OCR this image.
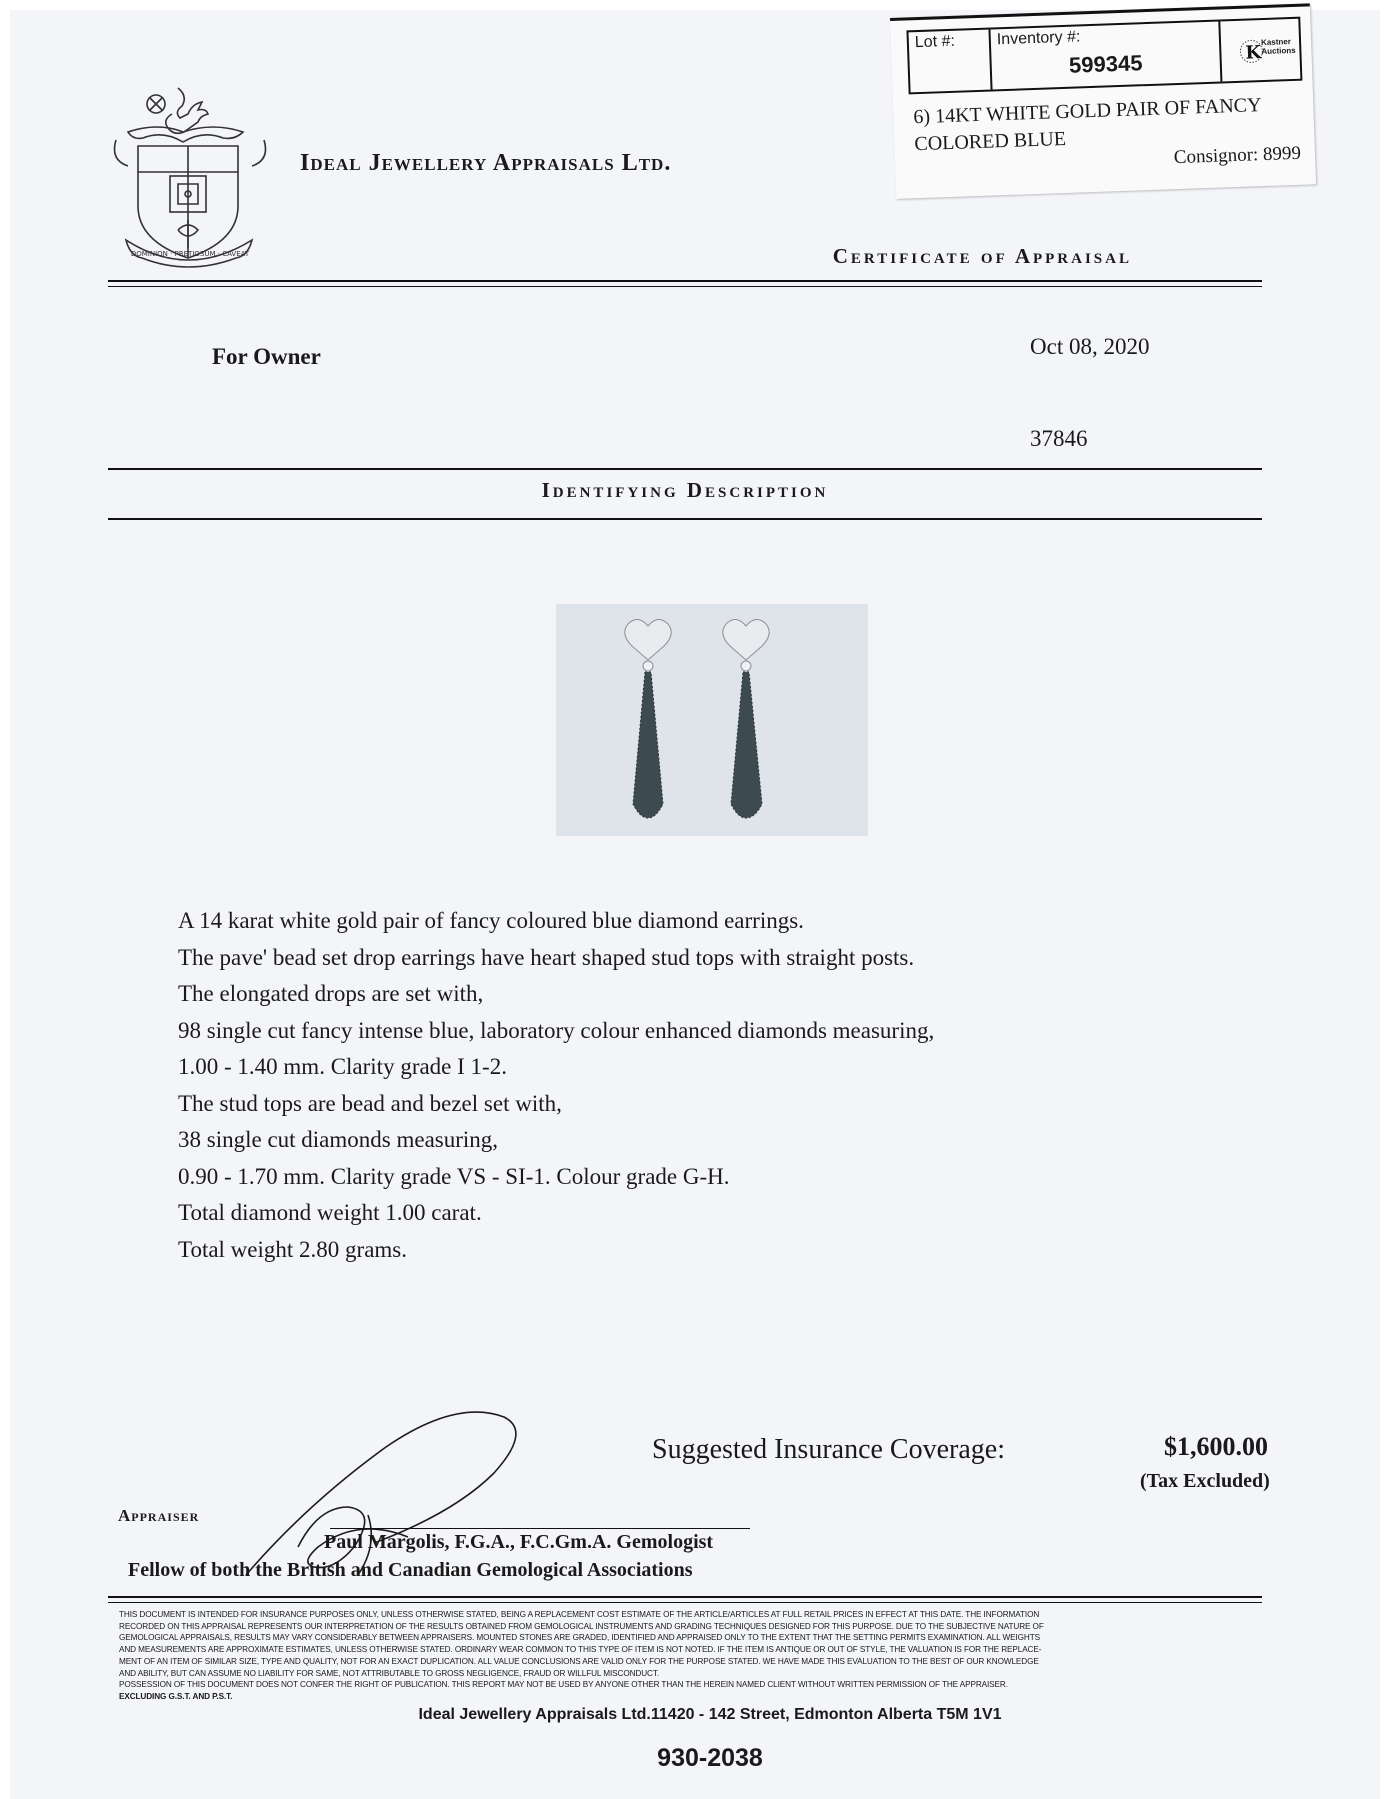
DOMINION · PRETIOSUM · CAVEAT
Ideal Jewellery Appraisals Ltd.
Lot #:	Inventory #:
599345	K
Kastner Auctions
6) 14KT WHITE GOLD PAIR OF FANCY
COLORED BLUE
Consignor: 8999
Certificate of Appraisal
For Owner	Oct 08, 2020
37846
Identifying Description
A 14 karat white gold pair of fancy coloured blue diamond earrings.
The pave' bead set drop earrings have heart shaped stud tops with straight posts.
The elongated drops are set with,
98 single cut fancy intense blue, laboratory colour enhanced diamonds measuring,
1.00 - 1.40 mm. Clarity grade I 1-2.
The stud tops are bead and bezel set with,
38 single cut diamonds measuring,
0.90 - 1.70 mm. Clarity grade VS - SI-1. Colour grade G-H.
Total diamond weight 1.00 carat.
Total weight 2.80 grams.
Suggested Insurance Coverage:	$1,600.00
(Tax Excluded)
Appraiser
Paul Margolis, F.G.A., F.C.Gm.A. Gemologist
Fellow of both the British and Canadian Gemological Associations
THIS DOCUMENT IS INTENDED FOR INSURANCE PURPOSES ONLY, UNLESS OTHERWISE STATED, BEING A REPLACEMENT COST ESTIMATE OF THE ARTICLE/ARTICLES AT FULL RETAIL PRICES IN EFFECT AT THIS DATE. THE INFORMATION
RECORDED ON THIS APPRAISAL REPRESENTS OUR INTERPRETATION OF THE RESULTS OBTAINED FROM GEMOLOGICAL INSTRUMENTS AND GRADING TECHNIQUES DESIGNED FOR THIS PURPOSE. DUE TO THE SUBJECTIVE NATURE OF
GEMOLOGICAL APPRAISALS, RESULTS MAY VARY CONSIDERABLY BETWEEN APPRAISERS. MOUNTED STONES ARE GRADED, IDENTIFIED AND APPRAISED ONLY TO THE EXTENT THAT THE SETTING PERMITS EXAMINATION. ALL WEIGHTS
AND MEASUREMENTS ARE APPROXIMATE ESTIMATES, UNLESS OTHERWISE STATED. ORDINARY WEAR COMMON TO THIS TYPE OF ITEM IS NOT NOTED. IF THE ITEM IS ANTIQUE OR OUT OF STYLE, THE VALUATION IS FOR THE REPLACE-
MENT OF AN ITEM OF SIMILAR SIZE, TYPE AND QUALITY, NOT FOR AN EXACT DUPLICATION. ALL VALUE CONCLUSIONS ARE VALID ONLY FOR THE PURPOSE STATED. WE HAVE MADE THIS EVALUATION TO THE BEST OF OUR KNOWLEDGE
AND ABILITY, BUT CAN ASSUME NO LIABILITY FOR SAME, NOT ATTRIBUTABLE TO GROSS NEGLIGENCE, FRAUD OR WILLFUL MISCONDUCT.
POSSESSION OF THIS DOCUMENT DOES NOT CONFER THE RIGHT OF PUBLICATION. THIS REPORT MAY NOT BE USED BY ANYONE OTHER THAN THE HEREIN NAMED CLIENT WITHOUT WRITTEN PERMISSION OF THE APPRAISER.
EXCLUDING G.S.T. AND P.S.T.
Ideal Jewellery Appraisals Ltd.11420 - 142 Street, Edmonton Alberta T5M 1V1
930-2038
